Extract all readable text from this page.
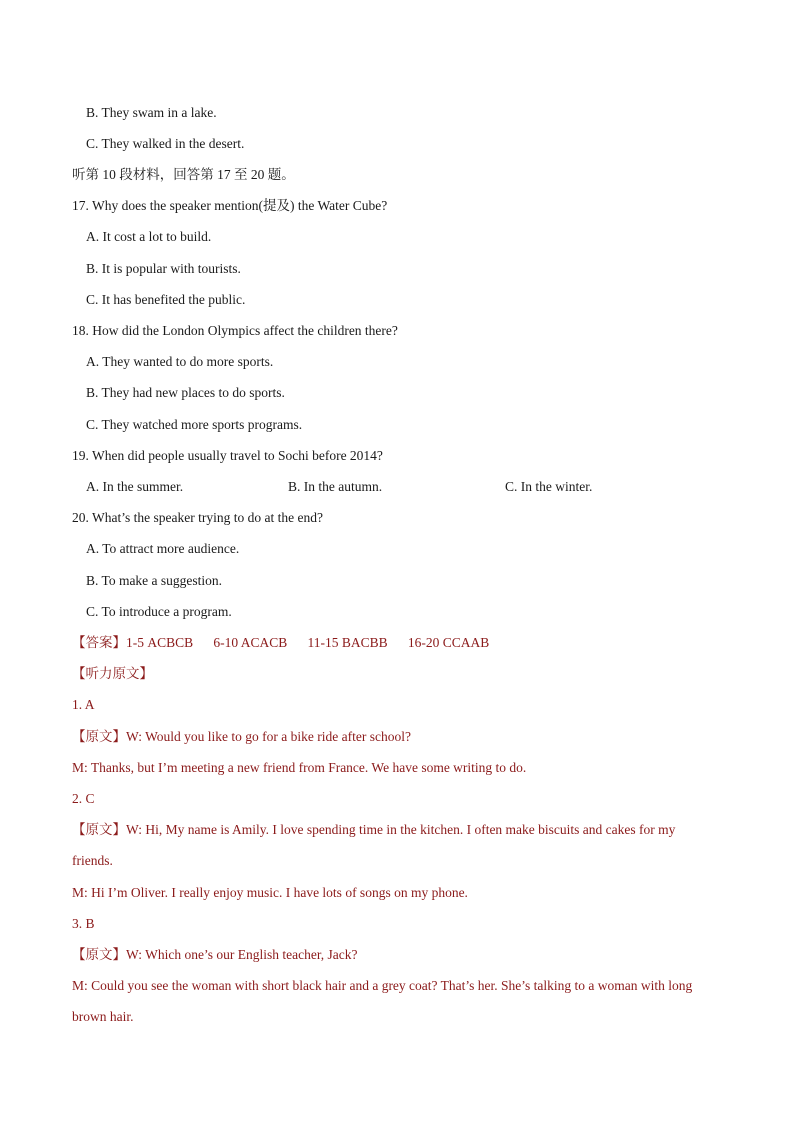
B. They swam in a lake.
C. They walked in the desert.
听第 10 段材料，回答第 17 至 20 题。
17. Why does the speaker mention(提及) the Water Cube?
A. It cost a lot to build.
B. It is popular with tourists.
C. It has benefited the public.
18. How did the London Olympics affect the children there?
A. They wanted to do more sports.
B. They had new places to do sports.
C. They watched more sports programs.
19. When did people usually travel to Sochi before 2014?
A. In the summer.	B. In the autumn.	C. In the winter.
20. What’s the speaker trying to do at the end?
A. To attract more audience.
B. To make a suggestion.
C. To introduce a program.
【答案】1-5 ACBCB      6-10 ACACB      11-15 BACBB      16-20 CCAAB
【听力原文】
1. A
【原文】W: Would you like to go for a bike ride after school?
M: Thanks, but I’m meeting a new friend from France. We have some writing to do.
2. C
【原文】W: Hi, My name is Amily. I love spending time in the kitchen. I often make biscuits and cakes for my
friends.
M: Hi I’m Oliver. I really enjoy music. I have lots of songs on my phone.
3. B
【原文】W: Which one’s our English teacher, Jack?
M: Could you see the woman with short black hair and a grey coat? That’s her. She’s talking to a woman with long
brown hair.
